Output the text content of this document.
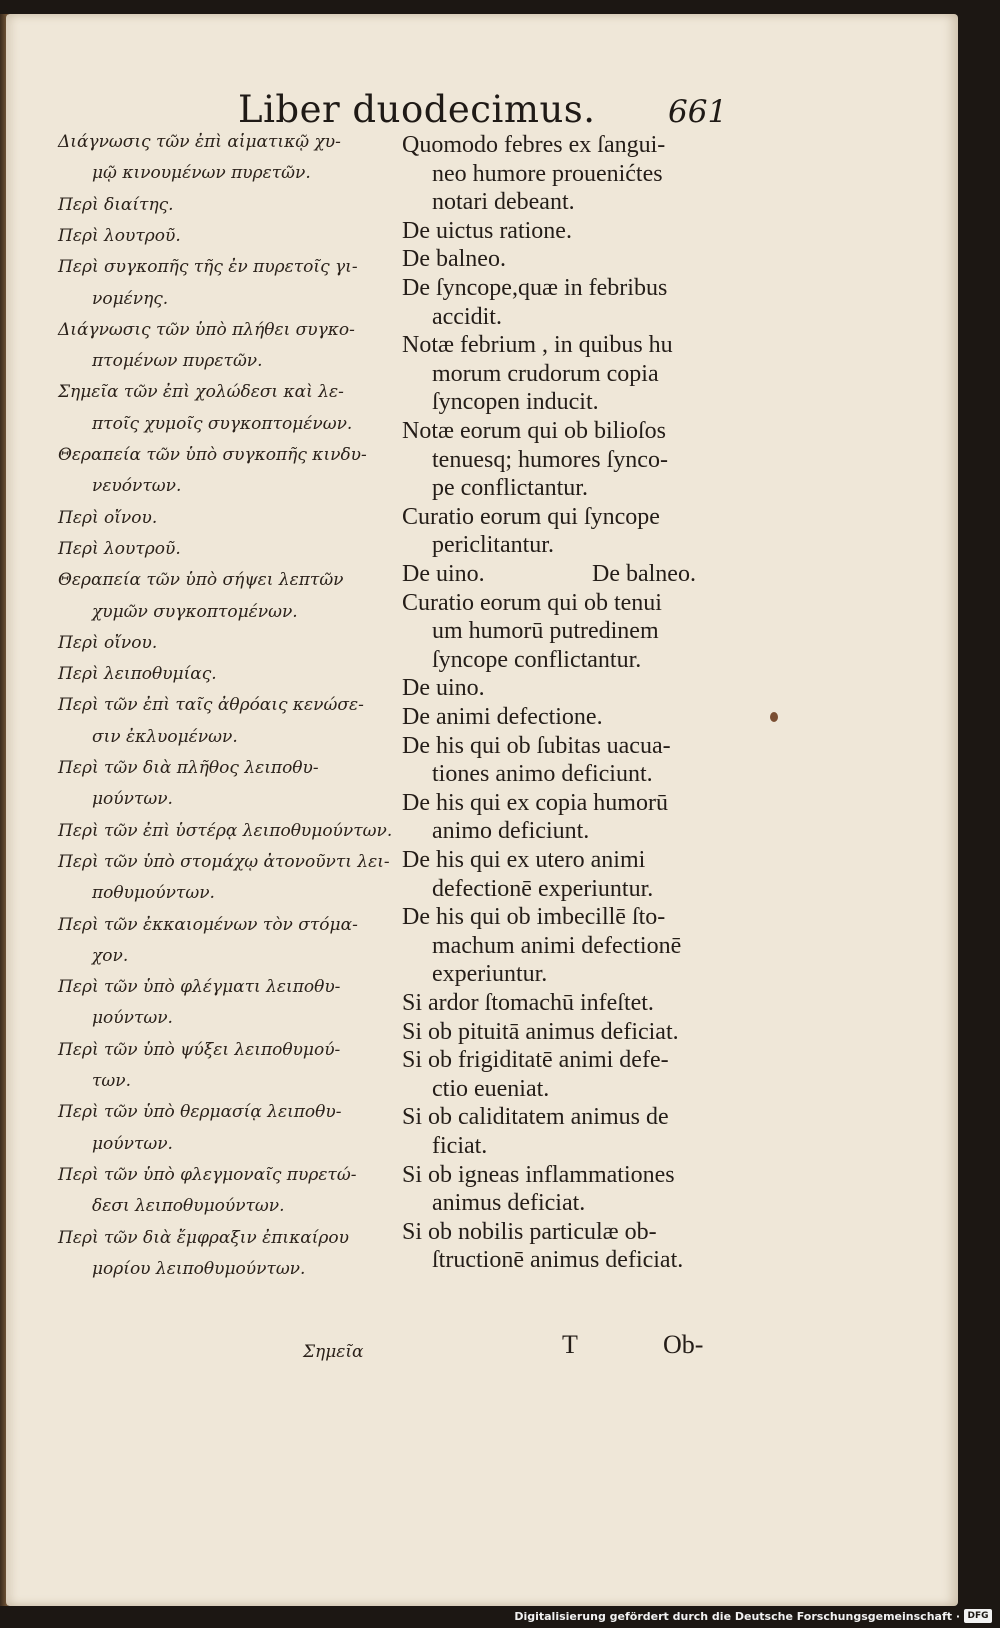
Liber duodecimus. 661
Διάγνωσις τῶν ἐπὶ αἱματικῷ χυ-
μῷ κινουμένων πυρετῶν.
Περὶ διαίτης.
Περὶ λουτροῦ.
Περὶ συγκοπῆς τῆς ἐν πυρετοῖς γι-
νομένης.
Διάγνωσις τῶν ὑπὸ πλήθει συγκο-
πτομένων πυρετῶν.
Σημεῖα τῶν ἐπὶ χολώδεσι καὶ λε-
πτοῖς χυμοῖς συγκοπτομένων.
Θεραπεία τῶν ὑπὸ συγκοπῆς κινδυ-
νευόντων.
Περὶ οἴνου.
Περὶ λουτροῦ.
Θεραπεία τῶν ὑπὸ σήψει λεπτῶν
χυμῶν συγκοπτομένων.
Περὶ οἴνου.
Περὶ λειποθυμίας.
Περὶ τῶν ἐπὶ ταῖς ἀθρόαις κενώσε-
σιν ἐκλυομένων.
Περὶ τῶν διὰ πλῆθος λειποθυ-
μούντων.
Περὶ τῶν ἐπὶ ὑστέρᾳ λειποθυμούντων.
Περὶ τῶν ὑπὸ στομάχῳ ἀτονοῦντι λει-
ποθυμούντων.
Περὶ τῶν ἐκκαιομένων τὸν στόμα-
χον.
Περὶ τῶν ὑπὸ φλέγματι λειποθυ-
μούντων.
Περὶ τῶν ὑπὸ ψύξει λειποθυμού-
των.
Περὶ τῶν ὑπὸ θερμασίᾳ λειποθυ-
μούντων.
Περὶ τῶν ὑπὸ φλεγμοναῖς πυρετώ-
δεσι λειποθυμούντων.
Περὶ τῶν διὰ ἔμφραξιν ἐπικαίρου
μορίου λειποθυμούντων.
Quomodo febres ex ſangui-
neo humore prouenićtes
notari debeant.
De uictus ratione.
De balneo.
De ſyncope,quæ in febribus
accidit.
Notæ febrium , in quibus hu
morum crudorum copia
ſyncopen inducit.
Notæ eorum qui ob bilioſos
tenuesq; humores ſynco-
pe conflictantur.
Curatio eorum qui ſyncope
periclitantur.
De uino.	De balneo.
Curatio eorum qui ob tenui
um humorū putredinem
ſyncope conflictantur.
De uino.
De animi defectione.
De his qui ob ſubitas uacua-
tiones animo deficiunt.
De his qui ex copia humorū
animo deficiunt.
De his qui ex utero animi
defectionē experiuntur.
De his qui ob imbecillē ſto-
machum animi defectionē
experiuntur.
Si ardor ſtomachū infeſtet.
Si ob pituitā animus deficiat.
Si ob frigiditatē animi defe-
ctio eueniat.
Si ob caliditatem animus de
ficiat.
Si ob igneas inflammationes
animus deficiat.
Si ob nobilis particulæ ob-
ſtructionē animus deficiat.
Σημεῖα	T	Ob-
Digitalisierung gefördert durch die Deutsche Forschungsgemeinschaft · DFG
